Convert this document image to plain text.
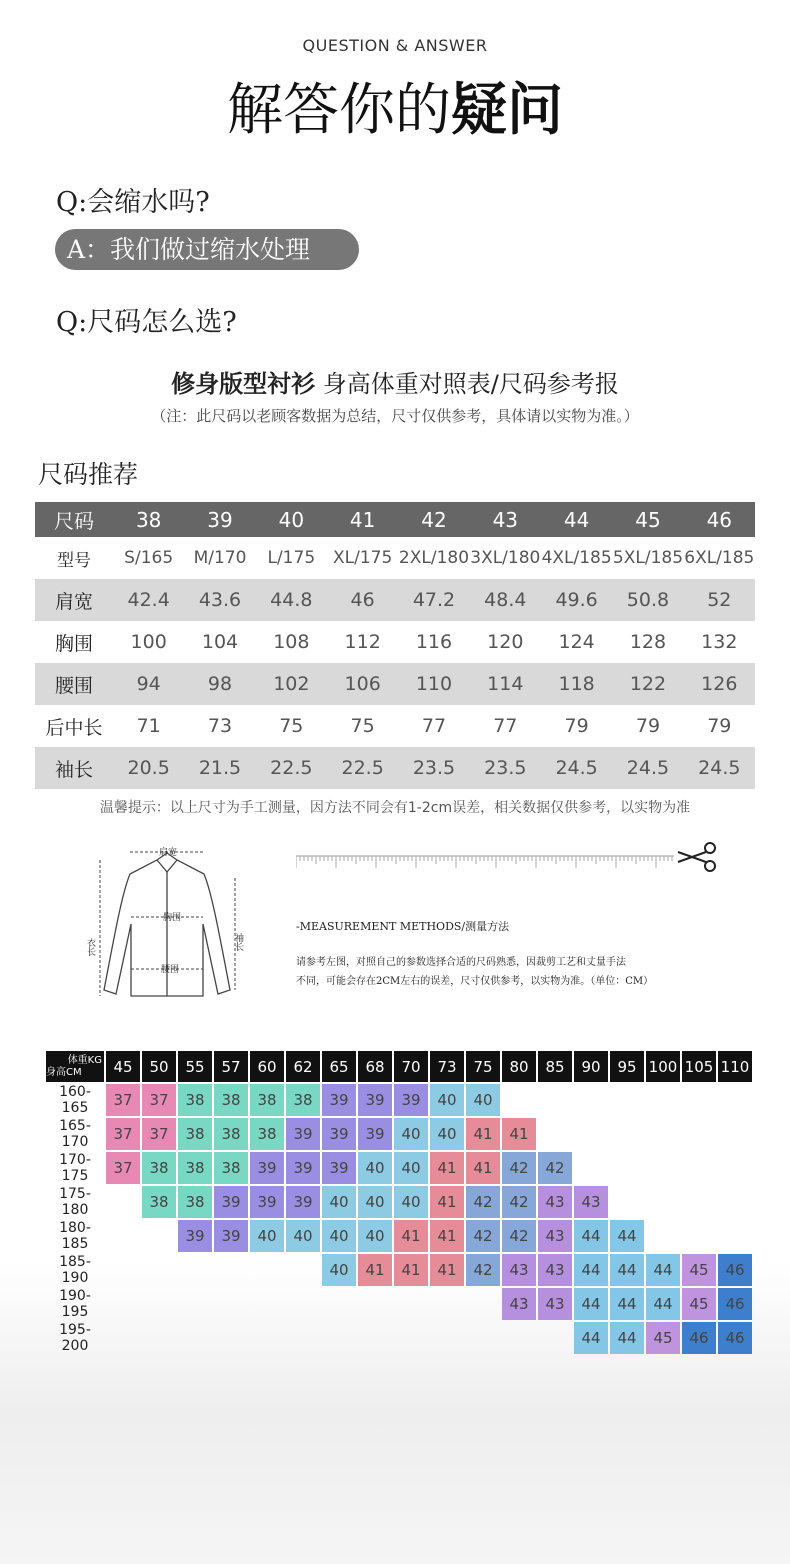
QUESTION & ANSWER
解答你的疑问
Q:会缩水吗?
A：我们做过缩水处理
Q:尺码怎么选?
修身版型衬衫 身高体重对照表/尺码参考报
（注：此尺码以老顾客数据为总结，尺寸仅供参考，具体请以实物为准。）
尺码推荐
尺码	38	39	40	41	42	43	44	45	46
型号	S/165	M/170	L/175	XL/175	2XL/180	3XL/180	4XL/185	5XL/185	6XL/185
肩宽	42.4	43.6	44.8	46	47.2	48.4	49.6	50.8	52
胸围	100	104	108	112	116	120	124	128	132
腰围	94	98	102	106	110	114	118	122	126
后中长	71	73	75	75	77	77	79	79	79
袖长	20.5	21.5	22.5	22.5	23.5	23.5	24.5	24.5	24.5
温馨提示：以上尺寸为手工测量，因方法不同会有1-2cm误差，相关数据仅供参考，以实物为准
肩宽
胸围
腰围
衣长	袖长
-MEASUREMENT METHODS/测量方法
请参考左图，对照自己的参数选择合适的尺码熟悉，因裁剪工艺和丈量手法
不同，可能会存在2CM左右的误差，尺寸仅供参考，以实物为准。（单位：CM）
体重KG
身高CM	45	50	55	57	60	62	65	68	70	73	75	80	85	90	95	100	105	110
160-165	37	37	38	38	38	38	39	39	39	40	40							
165-170	37	37	38	38	38	39	39	39	40	40	41	41						
170-175	37	38	38	38	39	39	39	40	40	41	41	42	42					
175-180		38	38	39	39	39	40	40	40	41	42	42	43	43				
180-185			39	39	40	40	40	40	41	41	42	42	43	44	44			
185-190							40	41	41	41	42	43	43	44	44	44	45	46
190-195												43	43	44	44	44	45	46
195-200														44	44	45	46	46
